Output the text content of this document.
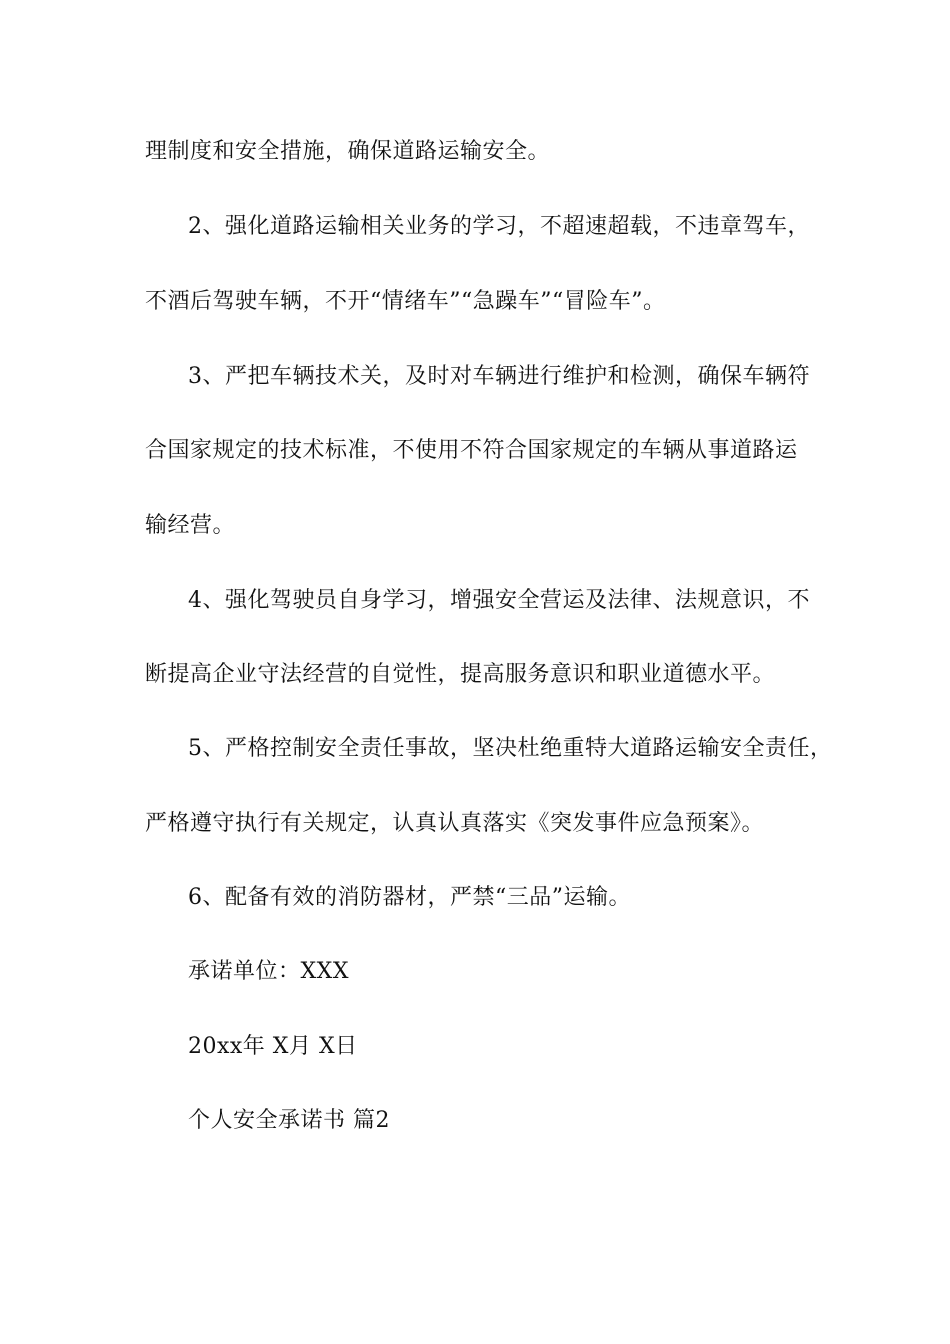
理制度和安全措施，确保道路运输安全。
2、强化道路运输相关业务的学习，不超速超载，不违章驾车，
不酒后驾驶车辆，不开“情绪车”“急躁车”“冒险车”。
3、严把车辆技术关，及时对车辆进行维护和检测，确保车辆符
合国家规定的技术标准，不使用不符合国家规定的车辆从事道路运
输经营。
4、强化驾驶员自身学习，增强安全营运及法律、法规意识，不
断提高企业守法经营的自觉性，提高服务意识和职业道德水平。
5、严格控制安全责任事故，坚决杜绝重特大道路运输安全责任，
严格遵守执行有关规定，认真认真落实《突发事件应急预案》。
6、配备有效的消防器材，严禁“三品”运输。
承诺单位：XXX
20xx年 X月 X日
个人安全承诺书 篇2
